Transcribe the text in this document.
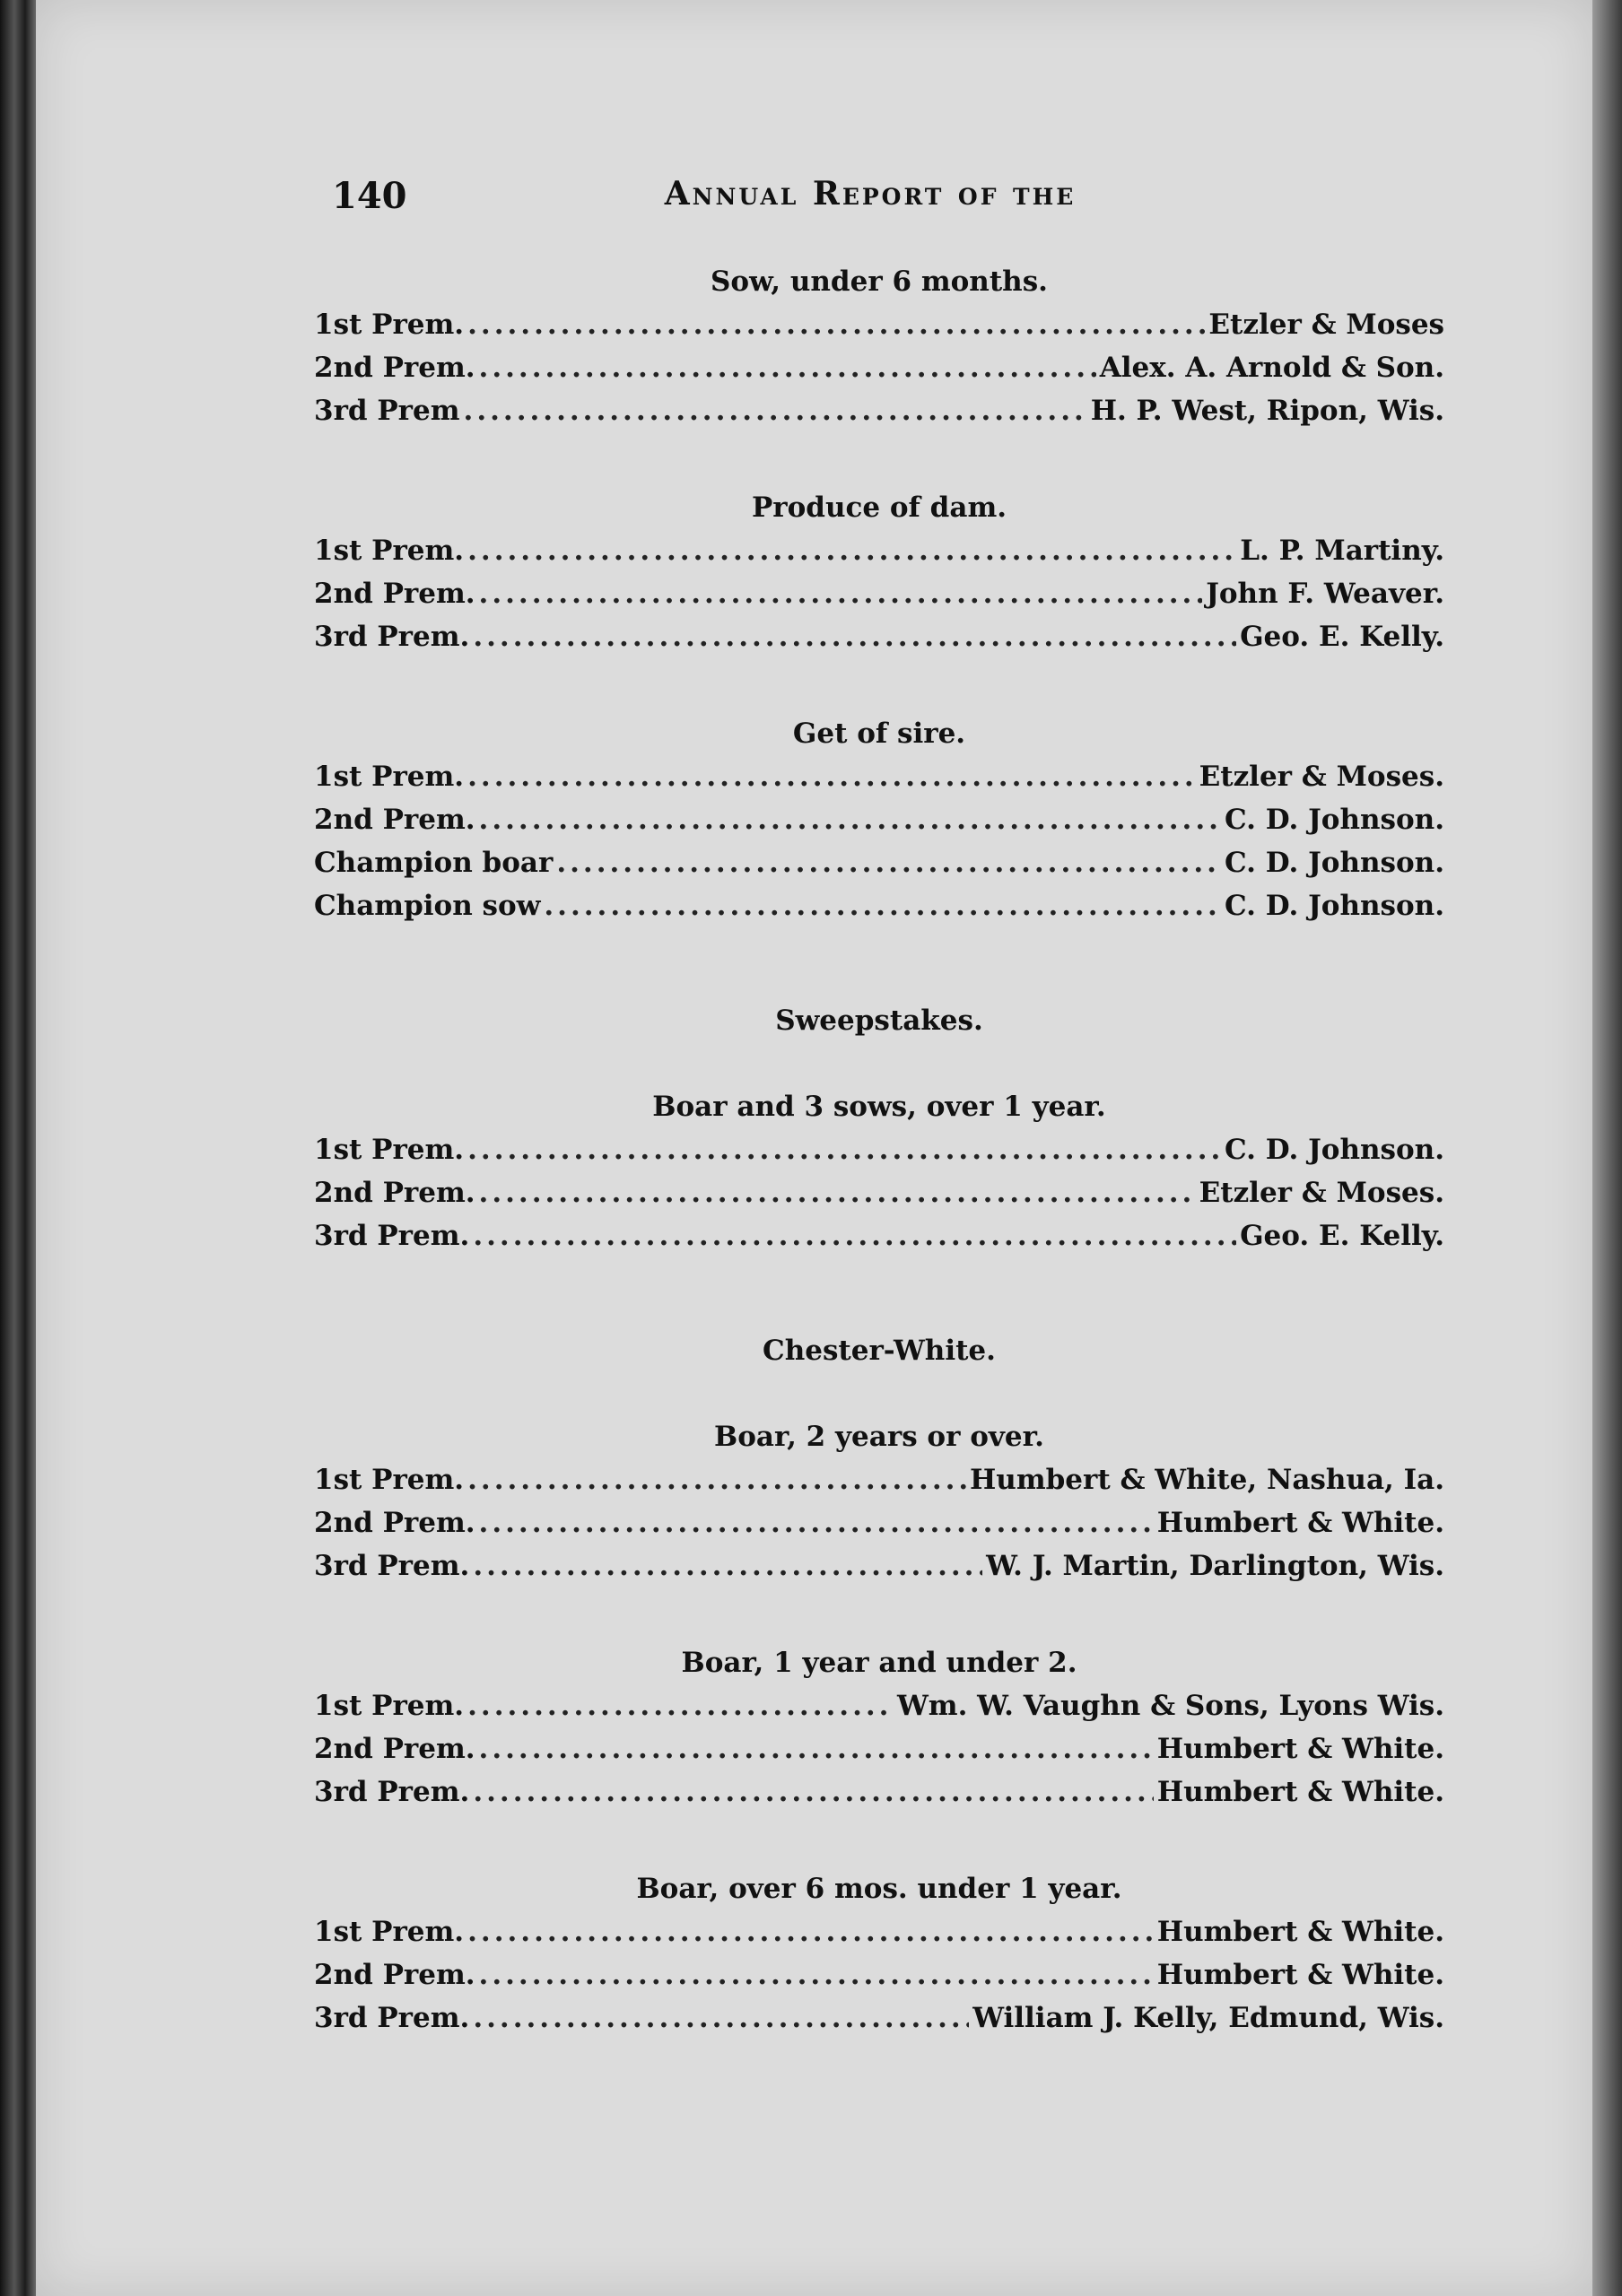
140	Annual Report of the
Sow, under 6 months.
1st Prem. .....	Etzler & Moses
2nd Prem. .....	Alex. A. Arnold & Son.
3rd Prem .....	H. P. West, Ripon, Wis.
Produce of dam.
1st Prem. .....	L. P. Martiny.
2nd Prem. .....	John F. Weaver.
3rd Prem. .....	Geo. E. Kelly.
Get of sire.
1st Prem. .....	Etzler & Moses.
2nd Prem. .....	C. D. Johnson.
Champion boar .....	C. D. Johnson.
Champion sow .....	C. D. Johnson.
Sweepstakes.
Boar and 3 sows, over 1 year.
1st Prem. .....	C. D. Johnson.
2nd Prem. .....	Etzler & Moses.
3rd Prem. .....	Geo. E. Kelly.
Chester-White.
Boar, 2 years or over.
1st Prem. .....	Humbert & White, Nashua, Ia.
2nd Prem. .....	Humbert & White.
3rd Prem. .....	W. J. Martin, Darlington, Wis.
Boar, 1 year and under 2.
1st Prem. .....	Wm. W. Vaughn & Sons, Lyons Wis.
2nd Prem. .....	Humbert & White.
3rd Prem. .....	Humbert & White.
Boar, over 6 mos. under 1 year.
1st Prem. .....	Humbert & White.
2nd Prem. .....	Humbert & White.
3rd Prem. .....	William J. Kelly, Edmund, Wis.
